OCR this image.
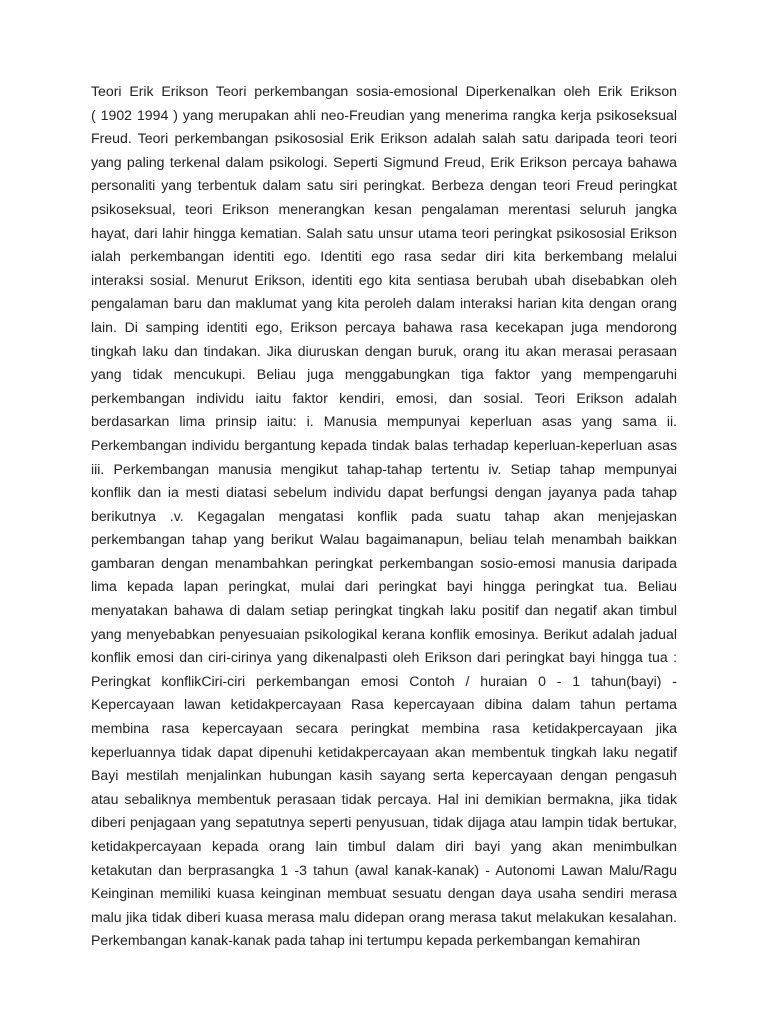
Teori Erik Erikson Teori perkembangan sosia-emosional Diperkenalkan oleh Erik Erikson
( 1902 1994 ) yang merupakan ahli neo-Freudian yang menerima rangka kerja psikoseksual
Freud. Teori perkembangan psikososial Erik Erikson adalah salah satu daripada teori teori
yang paling terkenal dalam psikologi. Seperti Sigmund Freud, Erik Erikson percaya bahawa
personaliti yang terbentuk dalam satu siri peringkat. Berbeza dengan teori Freud peringkat
psikoseksual, teori Erikson menerangkan kesan pengalaman merentasi seluruh jangka
hayat, dari lahir hingga kematian. Salah satu unsur utama teori peringkat psikososial Erikson
ialah perkembangan identiti ego. Identiti ego rasa sedar diri kita berkembang melalui
interaksi sosial. Menurut Erikson, identiti ego kita sentiasa berubah ubah disebabkan oleh
pengalaman baru dan maklumat yang kita peroleh dalam interaksi harian kita dengan orang
lain. Di samping identiti ego, Erikson percaya bahawa rasa kecekapan juga mendorong
tingkah laku dan tindakan. Jika diuruskan dengan buruk, orang itu akan merasai perasaan
yang tidak mencukupi. Beliau juga menggabungkan tiga faktor yang mempengaruhi
perkembangan individu iaitu faktor kendiri, emosi, dan sosial. Teori Erikson adalah
berdasarkan lima prinsip iaitu: i. Manusia mempunyai keperluan asas yang sama ii.
Perkembangan individu bergantung kepada tindak balas terhadap keperluan-keperluan asas
iii. Perkembangan manusia mengikut tahap-tahap tertentu iv. Setiap tahap mempunyai
konflik dan ia mesti diatasi sebelum individu dapat berfungsi dengan jayanya pada tahap
berikutnya .v. Kegagalan mengatasi konflik pada suatu tahap akan menjejaskan
perkembangan tahap yang berikut Walau bagaimanapun, beliau telah menambah baikkan
gambaran dengan menambahkan peringkat perkembangan sosio-emosi manusia daripada
lima kepada lapan peringkat, mulai dari peringkat bayi hingga peringkat tua. Beliau
menyatakan bahawa di dalam setiap peringkat tingkah laku positif dan negatif akan timbul
yang menyebabkan penyesuaian psikologikal kerana konflik emosinya. Berikut adalah jadual
konflik emosi dan ciri-cirinya yang dikenalpasti oleh Erikson dari peringkat bayi hingga tua :
Peringkat konflikCiri-ciri perkembangan emosi Contoh / huraian 0 - 1 tahun(bayi) -
Kepercayaan lawan ketidakpercayaan Rasa kepercayaan dibina dalam tahun pertama
membina rasa kepercayaan secara peringkat membina rasa ketidakpercayaan jika
keperluannya tidak dapat dipenuhi ketidakpercayaan akan membentuk tingkah laku negatif
Bayi mestilah menjalinkan hubungan kasih sayang serta kepercayaan dengan pengasuh
atau sebaliknya membentuk perasaan tidak percaya. Hal ini demikian bermakna, jika tidak
diberi penjagaan yang sepatutnya seperti penyusuan, tidak dijaga atau lampin tidak bertukar,
ketidakpercayaan kepada orang lain timbul dalam diri bayi yang akan menimbulkan
ketakutan dan berprasangka 1 -3 tahun (awal kanak-kanak) - Autonomi Lawan Malu/Ragu
Keinginan memiliki kuasa keinginan membuat sesuatu dengan daya usaha sendiri merasa
malu jika tidak diberi kuasa merasa malu didepan orang merasa takut melakukan kesalahan.
Perkembangan kanak-kanak pada tahap ini tertumpu kepada perkembangan kemahiran
